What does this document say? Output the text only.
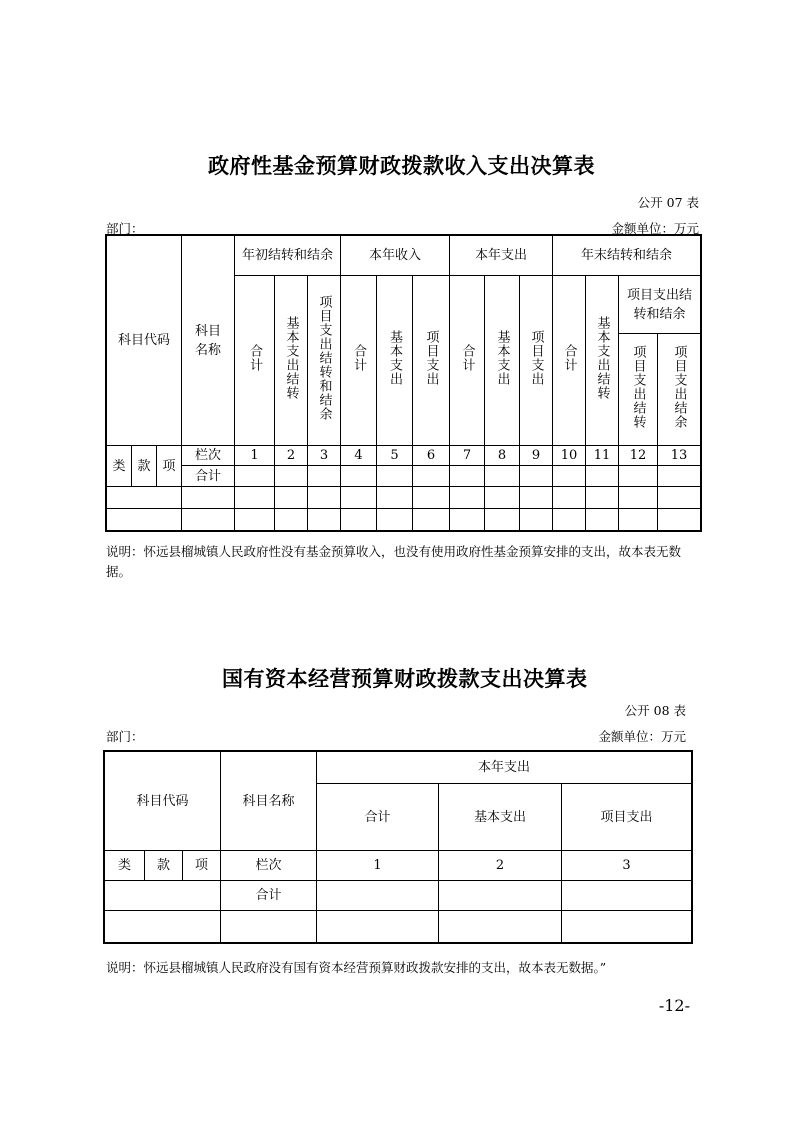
政府性基金预算财政拨款收入支出决算表
公开 07 表
部门：	金额单位：万元
科目代码			科目名称	年初结转和结余			本年收入			本年支出			年末结转和结余				
				合计	基本支出结转	项目支出结转和结余	合计	基本支出	项目支出	合计	基本支出	项目支出	合计	基本支出结转	项目支出结转和结余		
															项目支出结转	项目支出结余	

类	款	项	栏次	1	2	3	4	5	6	7	8	9	10	11	12	13	
			合计														

说明：怀远县榴城镇人民政府性没有基金预算收入，也没有使用政府性基金预算安排的支出，故本表无数据。
国有资本经营预算财政拨款支出决算表
公开 08 表
部门：	金额单位：万元
科目代码			科目名称	本年支出		
				合计	基本支出	项目支出
类	款	项	栏次	1	2	3
			合计			

说明：怀远县榴城镇人民政府没有国有资本经营预算财政拨款安排的支出，故本表无数据。”
-12-
